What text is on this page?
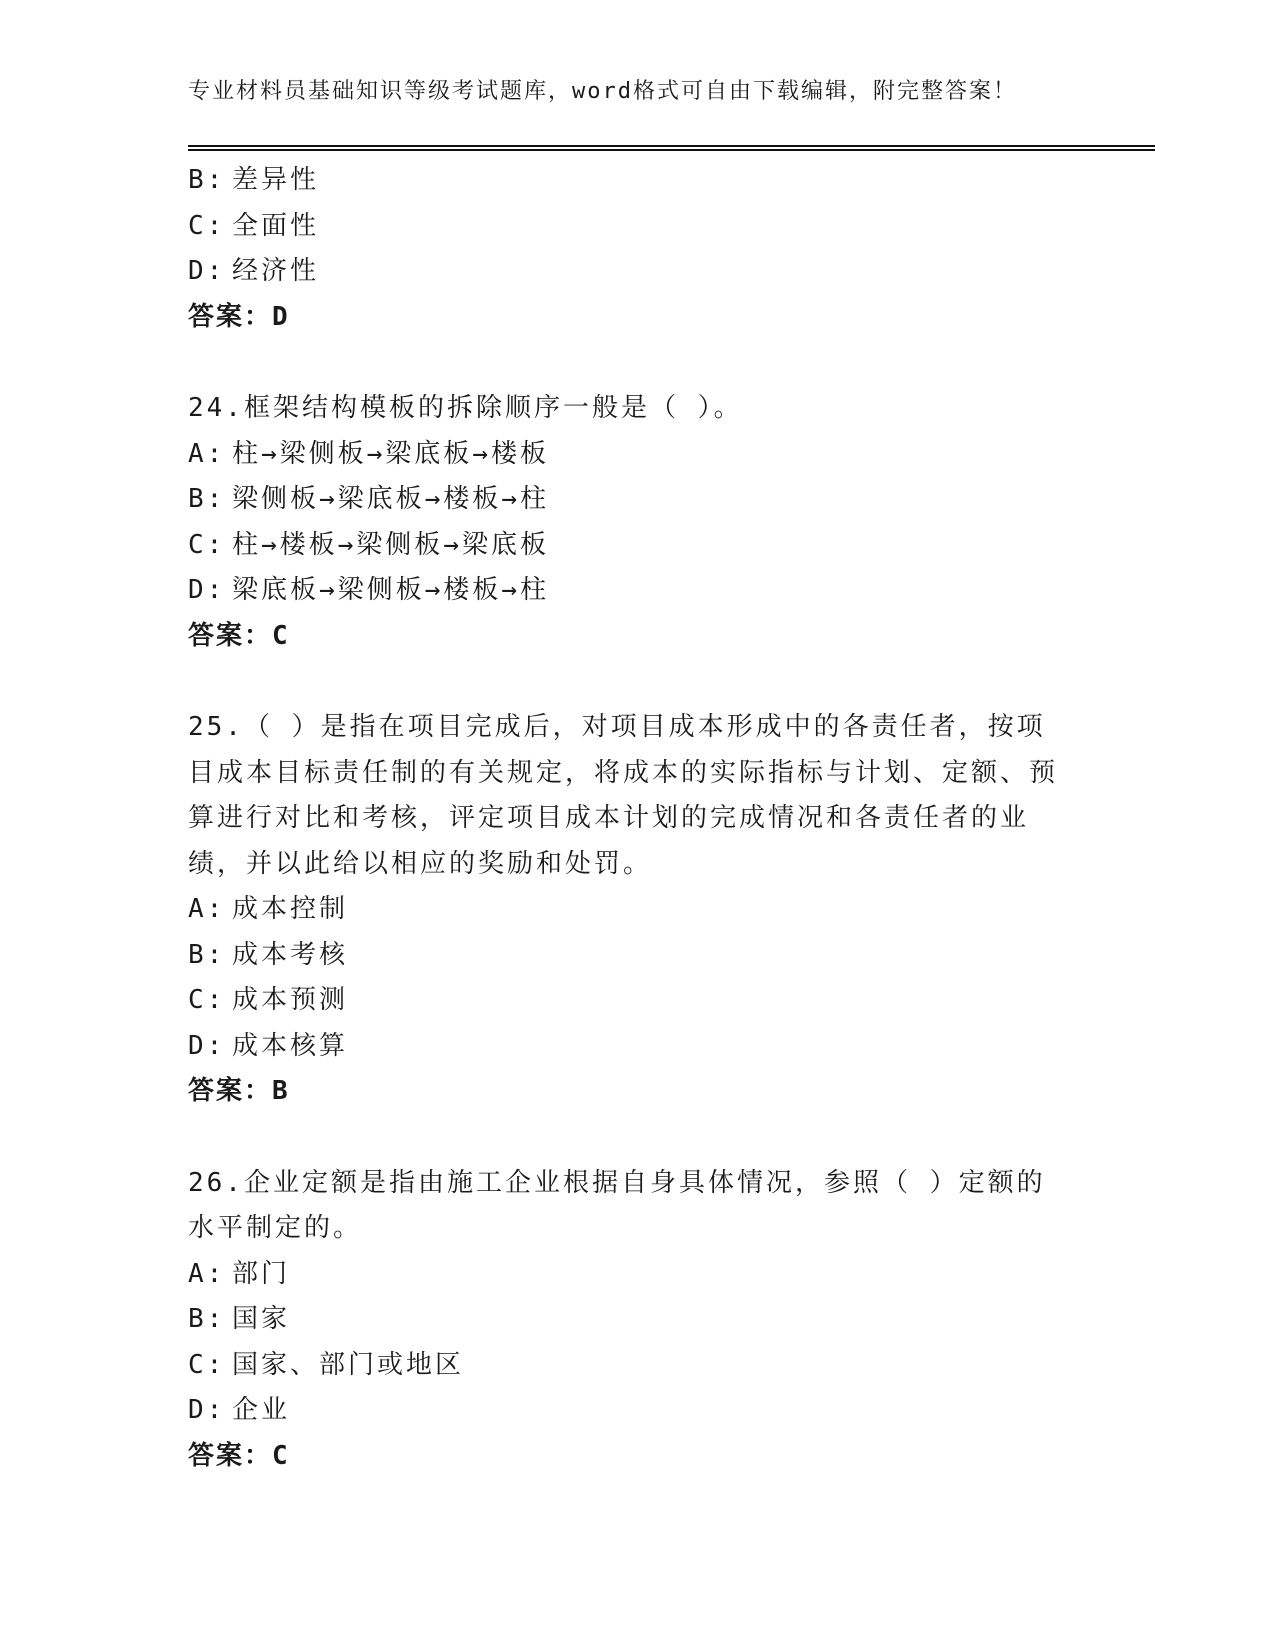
专业材料员基础知识等级考试题库，word格式可自由下载编辑，附完整答案！
B: 差异性
C: 全面性
D: 经济性
答案：D
24.框架结构模板的拆除顺序一般是（ ）。
A: 柱→梁侧板→梁底板→楼板
B: 梁侧板→梁底板→楼板→柱
C: 柱→楼板→梁侧板→梁底板
D: 梁底板→梁侧板→楼板→柱
答案：C
25.（ ）是指在项目完成后，对项目成本形成中的各责任者，按项目成本目标责任制的有关规定，将成本的实际指标与计划、定额、预算进行对比和考核，评定项目成本计划的完成情况和各责任者的业绩，并以此给以相应的奖励和处罚。
A: 成本控制
B: 成本考核
C: 成本预测
D: 成本核算
答案：B
26.企业定额是指由施工企业根据自身具体情况，参照（ ）定额的水平制定的。
A: 部门
B: 国家
C: 国家、部门或地区
D: 企业
答案：C
